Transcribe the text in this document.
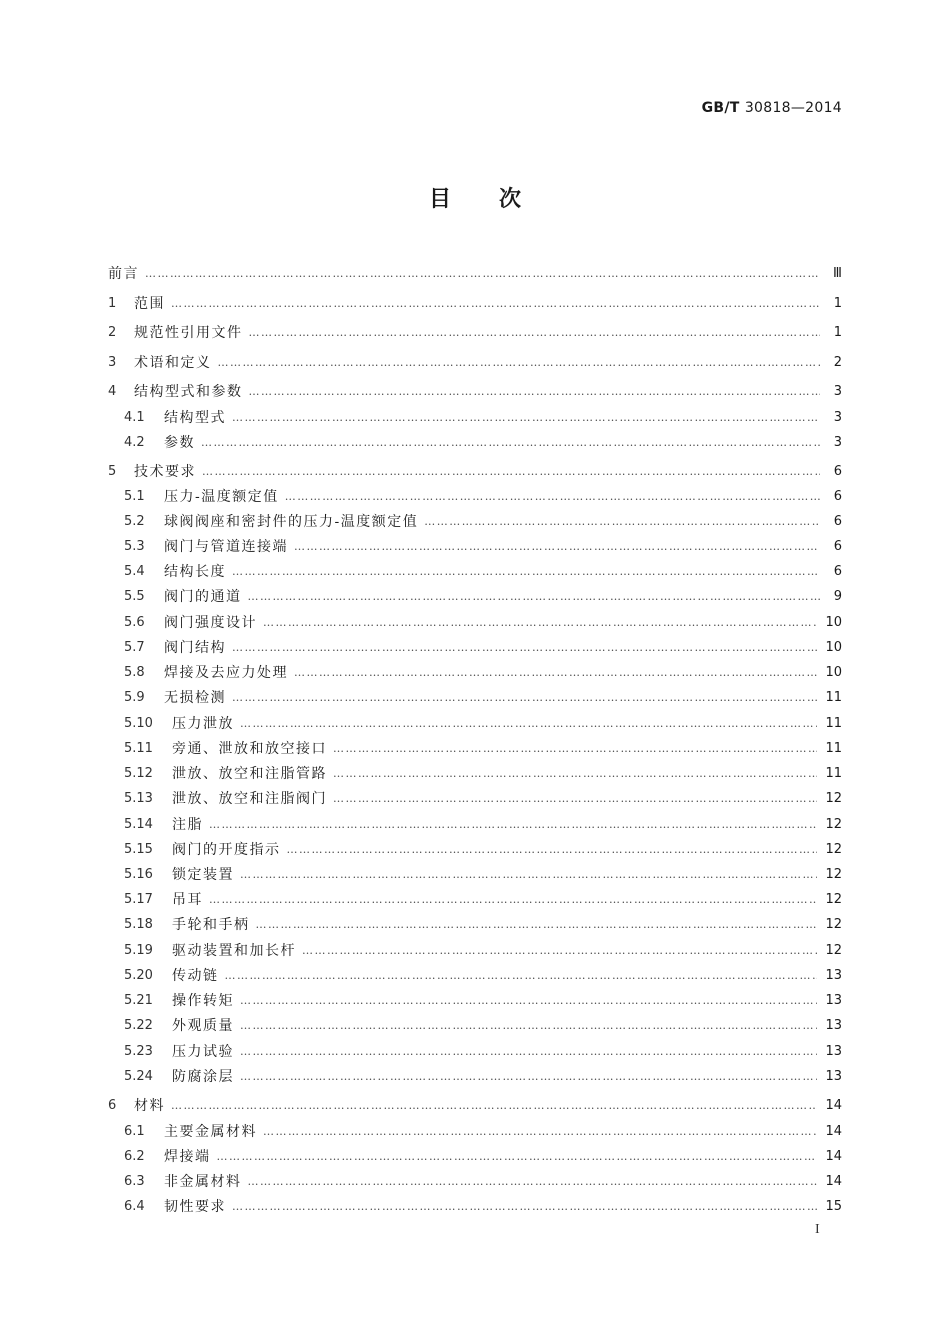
GB/T 30818—2014
目次
前言 ……………………………………………………………………………………………………………………………………………………………………………………………………………………………………	Ⅲ
1	范围 ……………………………………………………………………………………………………………………………………………………………………………………………………………………………………	1
2	规范性引用文件 ……………………………………………………………………………………………………………………………………………………………………………………………………………………………………	1
3	术语和定义 ……………………………………………………………………………………………………………………………………………………………………………………………………………………………………	2
4	结构型式和参数 ……………………………………………………………………………………………………………………………………………………………………………………………………………………………………	3
4.1	结构型式 ……………………………………………………………………………………………………………………………………………………………………………………………………………………………………	3
4.2	参数 ……………………………………………………………………………………………………………………………………………………………………………………………………………………………………	3
5	技术要求 ……………………………………………………………………………………………………………………………………………………………………………………………………………………………………	6
5.1	压力-温度额定值 ……………………………………………………………………………………………………………………………………………………………………………………………………………………………………	6
5.2	球阀阀座和密封件的压力-温度额定值 ……………………………………………………………………………………………………………………………………………………………………………………………………………………………………	6
5.3	阀门与管道连接端 ……………………………………………………………………………………………………………………………………………………………………………………………………………………………………	6
5.4	结构长度 ……………………………………………………………………………………………………………………………………………………………………………………………………………………………………	6
5.5	阀门的通道 ……………………………………………………………………………………………………………………………………………………………………………………………………………………………………	9
5.6	阀门强度设计 ……………………………………………………………………………………………………………………………………………………………………………………………………………………………………	10
5.7	阀门结构 ……………………………………………………………………………………………………………………………………………………………………………………………………………………………………	10
5.8	焊接及去应力处理 ……………………………………………………………………………………………………………………………………………………………………………………………………………………………………	10
5.9	无损检测 ……………………………………………………………………………………………………………………………………………………………………………………………………………………………………	11
5.10	压力泄放 ……………………………………………………………………………………………………………………………………………………………………………………………………………………………………	11
5.11	旁通、泄放和放空接口 ……………………………………………………………………………………………………………………………………………………………………………………………………………………………………	11
5.12	泄放、放空和注脂管路 ……………………………………………………………………………………………………………………………………………………………………………………………………………………………………	11
5.13	泄放、放空和注脂阀门 ……………………………………………………………………………………………………………………………………………………………………………………………………………………………………	12
5.14	注脂 ……………………………………………………………………………………………………………………………………………………………………………………………………………………………………	12
5.15	阀门的开度指示 ……………………………………………………………………………………………………………………………………………………………………………………………………………………………………	12
5.16	锁定装置 ……………………………………………………………………………………………………………………………………………………………………………………………………………………………………	12
5.17	吊耳 ……………………………………………………………………………………………………………………………………………………………………………………………………………………………………	12
5.18	手轮和手柄 ……………………………………………………………………………………………………………………………………………………………………………………………………………………………………	12
5.19	驱动装置和加长杆 ……………………………………………………………………………………………………………………………………………………………………………………………………………………………………	12
5.20	传动链 ……………………………………………………………………………………………………………………………………………………………………………………………………………………………………	13
5.21	操作转矩 ……………………………………………………………………………………………………………………………………………………………………………………………………………………………………	13
5.22	外观质量 ……………………………………………………………………………………………………………………………………………………………………………………………………………………………………	13
5.23	压力试验 ……………………………………………………………………………………………………………………………………………………………………………………………………………………………………	13
5.24	防腐涂层 ……………………………………………………………………………………………………………………………………………………………………………………………………………………………………	13
6	材料 ……………………………………………………………………………………………………………………………………………………………………………………………………………………………………	14
6.1	主要金属材料 ……………………………………………………………………………………………………………………………………………………………………………………………………………………………………	14
6.2	焊接端 ……………………………………………………………………………………………………………………………………………………………………………………………………………………………………	14
6.3	非金属材料 ……………………………………………………………………………………………………………………………………………………………………………………………………………………………………	14
6.4	韧性要求 ……………………………………………………………………………………………………………………………………………………………………………………………………………………………………	15
I
